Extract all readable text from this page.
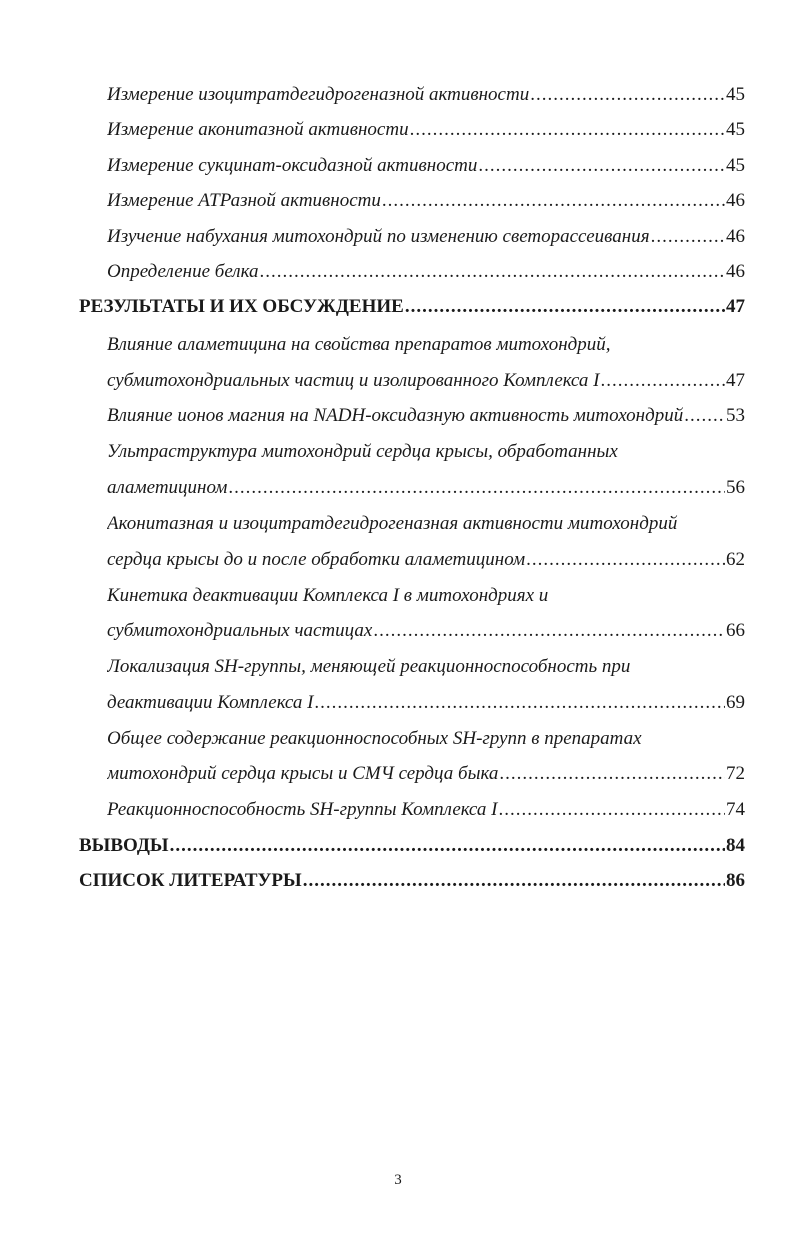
Измерение изоцитратдегидрогеназной активности .....	45
Измерение аконитазной активности .....	45
Измерение сукцинат-оксидазной активности .....	45
Измерение АТРазной активности .....	46
Изучение набухания митохондрий по изменению светорассеивания .....	46
Определение белка .....	46
РЕЗУЛЬТАТЫ И ИХ ОБСУЖДЕНИЕ .....	47
Влияние аламетицина на свойства препаратов митохондрий,
субмитохондриальных частиц и изолированного Комплекса I .....	47
Влияние ионов магния на NADH-оксидазную активность митохондрий ..... 53
Ультраструктура митохондрий сердца крысы, обработанных
аламетицином .....	56
Аконитазная и изоцитратдегидрогеназная активности митохондрий
сердца крысы до и после обработки аламетицином .....	62
Кинетика деактивации Комплекса I в митохондриях и
субмитохондриальных частицах .....	66
Локализация SH-группы, меняющей реакционноспособность при
деактивации Комплекса I .....	69
Общее содержание реакционноспособных SH-групп в препаратах
митохондрий сердца крысы и СМЧ сердца быка .....	72
Реакционноспособность SH-группы Комплекса I .....	74
ВЫВОДЫ .....	84
СПИСОК ЛИТЕРАТУРЫ .....	86
3
